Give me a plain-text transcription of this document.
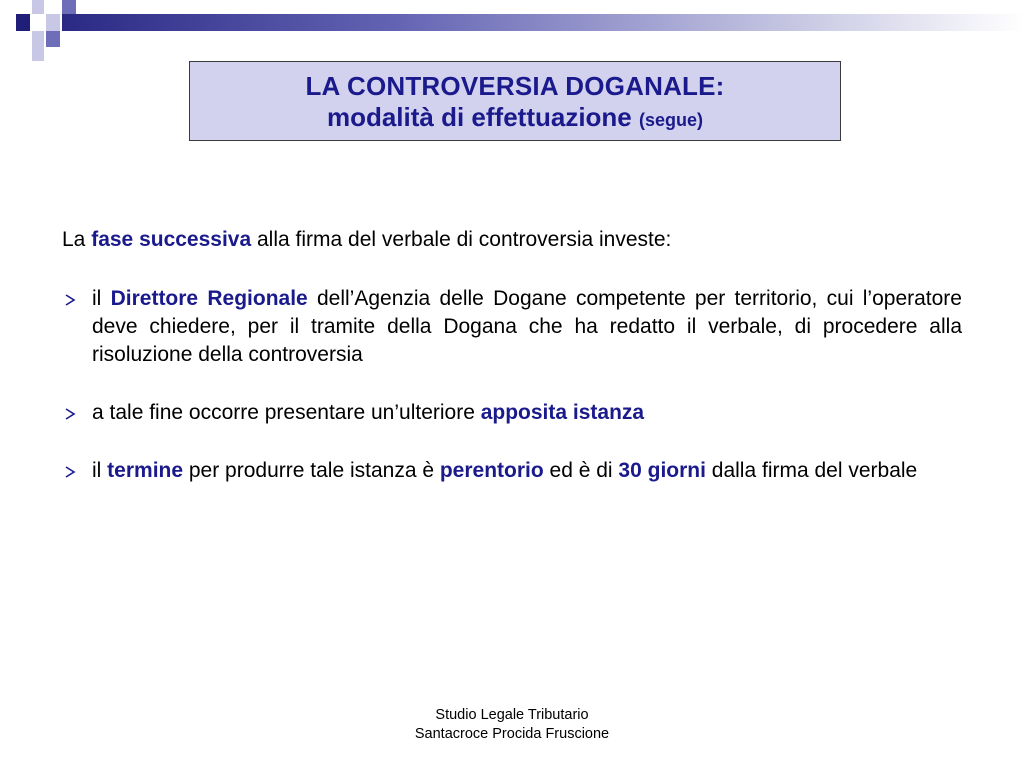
LA CONTROVERSIA DOGANALE:
modalità di effettuazione (segue)

La fase successiva alla firma del verbale di controversia investe:

il Direttore Regionale dell’Agenzia delle Dogane competente per territorio, cui l’operatore deve chiedere, per il tramite della Dogana che ha redatto il verbale, di procedere alla risoluzione della controversia
a tale fine occorre presentare un’ulteriore apposita istanza
il termine per produrre tale istanza è perentorio ed è di 30 giorni dalla firma del verbale
Studio Legale Tributario
Santacroce Procida Fruscione
